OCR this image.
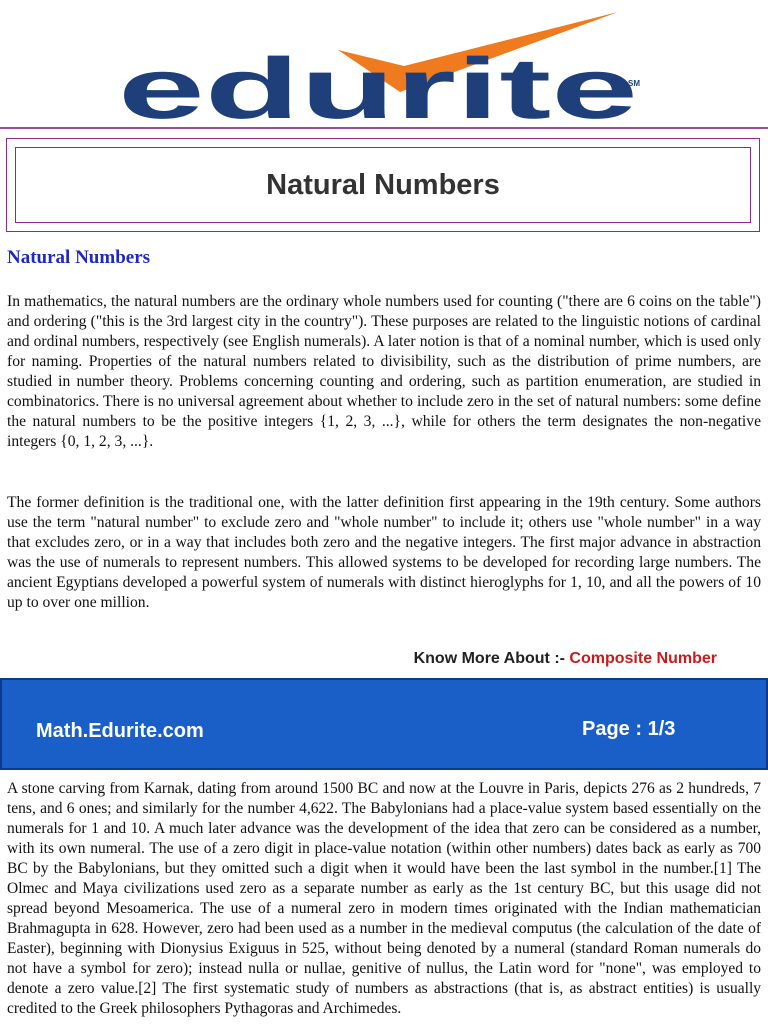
edurite
SM
Natural Numbers
Natural Numbers

In mathematics, the natural numbers are the ordinary whole numbers used for counting ("there are 6 coins on the table") and ordering ("this is the 3rd largest city in the country"). These purposes are related to the linguistic notions of cardinal and ordinal numbers, respectively (see English numerals). A later notion is that of a nominal number, which is used only for naming. Properties of the natural numbers related to divisibility, such as the distribution of prime numbers, are studied in number theory. Problems concerning counting and ordering, such as partition enumeration, are studied in combinatorics. There is no universal agreement about whether to include zero in the set of natural numbers: some define the natural numbers to be the positive integers {1, 2, 3, ...}, while for others the term designates the non-negative integers {0, 1, 2, 3, ...}.

The former definition is the traditional one, with the latter definition first appearing in the 19th century. Some authors use the term "natural number" to exclude zero and "whole number" to include it; others use "whole number" in a way that excludes zero, or in a way that includes both zero and the negative integers. The first major advance in abstraction was the use of numerals to represent numbers. This allowed systems to be developed for recording large numbers. The ancient Egyptians developed a powerful system of numerals with distinct hieroglyphs for 1, 10, and all the powers of 10 up to over one million.

Know More About :- Composite Number
Math.Edurite.com	Page : 1/3

A stone carving from Karnak, dating from around 1500 BC and now at the Louvre in Paris, depicts 276 as 2 hundreds, 7 tens, and 6 ones; and similarly for the number 4,622. The Babylonians had a place-value system based essentially on the numerals for 1 and 10. A much later advance was the development of the idea that zero can be considered as a number, with its own numeral. The use of a zero digit in place-value notation (within other numbers) dates back as early as 700 BC by the Babylonians, but they omitted such a digit when it would have been the last symbol in the number.[1] The Olmec and Maya civilizations used zero as a separate number as early as the 1st century BC, but this usage did not spread beyond Mesoamerica. The use of a numeral zero in modern times originated with the Indian mathematician Brahmagupta in 628. However, zero had been used as a number in the medieval computus (the calculation of the date of Easter), beginning with Dionysius Exiguus in 525, without being denoted by a numeral (standard Roman numerals do not have a symbol for zero); instead nulla or nullae, genitive of nullus, the Latin word for "none", was employed to denote a zero value.[2] The first systematic study of numbers as abstractions (that is, as abstract entities) is usually credited to the Greek philosophers Pythagoras and Archimedes.
